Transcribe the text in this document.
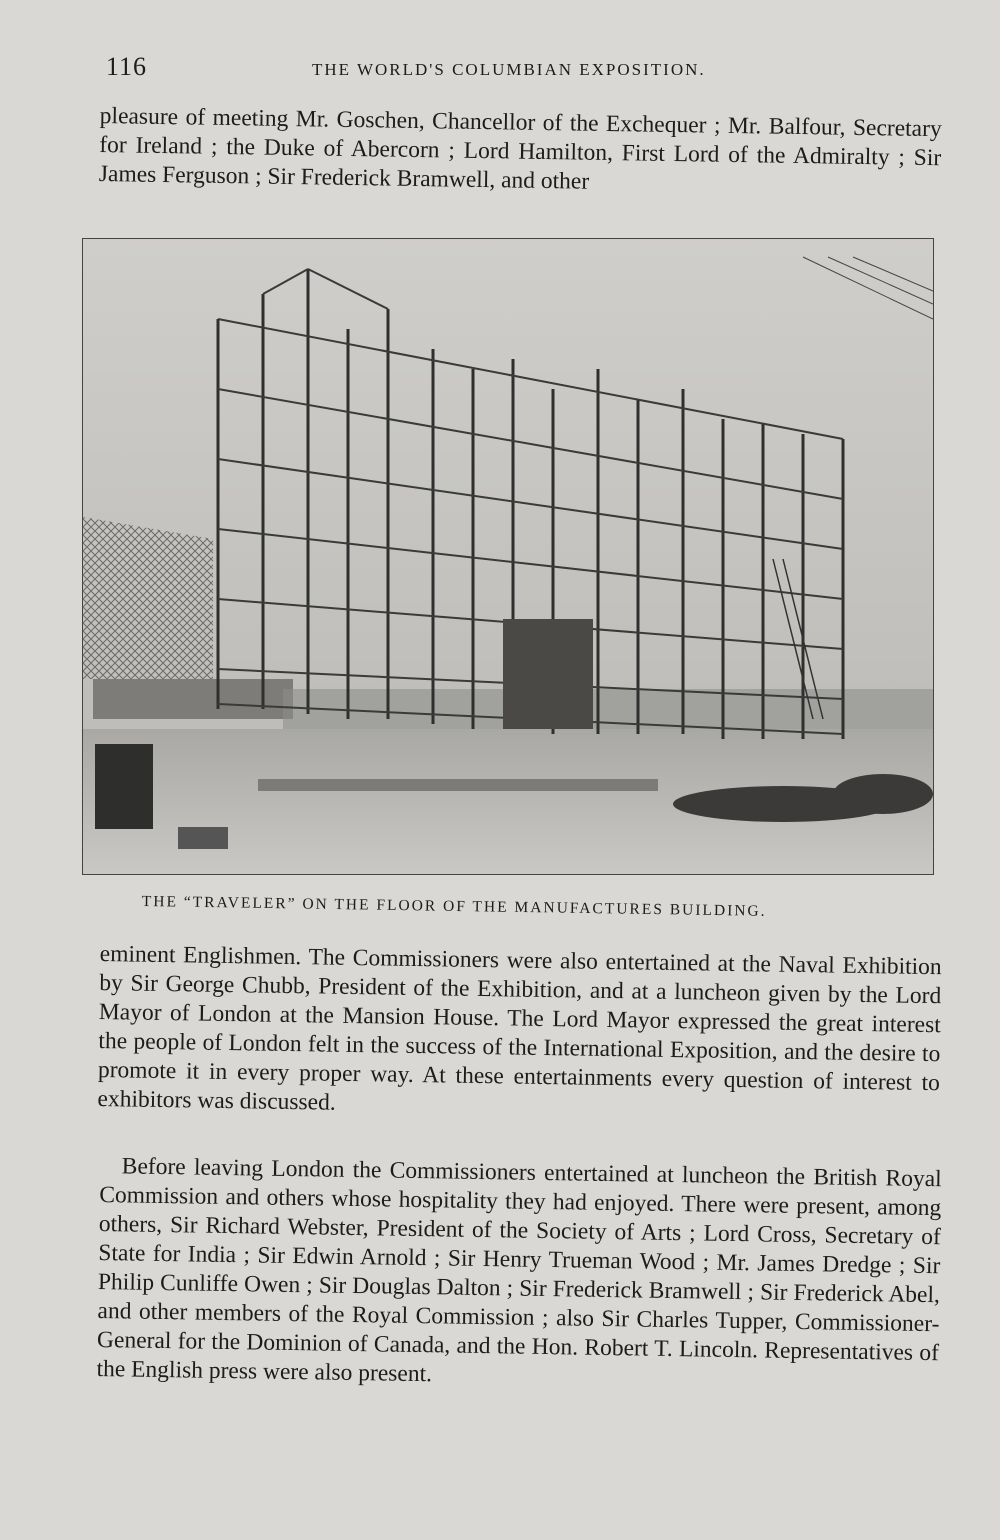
116	THE WORLD'S COLUMBIAN EXPOSITION.

pleasure of meeting Mr. Goschen, Chancellor of the Exchequer ; Mr. Balfour, Secretary for Ireland ; the Duke of Abercorn ; Lord Hamilton, First Lord of the Admiralty ; Sir James Ferguson ; Sir Frederick Bramwell, and other

THE “TRAVELER” ON THE FLOOR OF THE MANUFACTURES BUILDING.

eminent Englishmen. The Commissioners were also entertained at the Naval Exhibition by Sir George Chubb, President of the Exhibition, and at a luncheon given by the Lord Mayor of London at the Mansion House. The Lord Mayor expressed the great interest the people of London felt in the success of the International Exposition, and the desire to promote it in every proper way. At these entertainments every question of interest to exhibitors was discussed.

Before leaving London the Commissioners entertained at luncheon the British Royal Commission and others whose hospitality they had enjoyed. There were present, among others, Sir Richard Webster, President of the Society of Arts ; Lord Cross, Secretary of State for India ; Sir Edwin Arnold ; Sir Henry Trueman Wood ; Mr. James Dredge ; Sir Philip Cunliffe Owen ; Sir Douglas Dalton ; Sir Frederick Bramwell ; Sir Frederick Abel, and other members of the Royal Commission ; also Sir Charles Tupper, Commissioner-General for the Dominion of Canada, and the Hon. Robert T. Lincoln. Representatives of the English press were also present.
